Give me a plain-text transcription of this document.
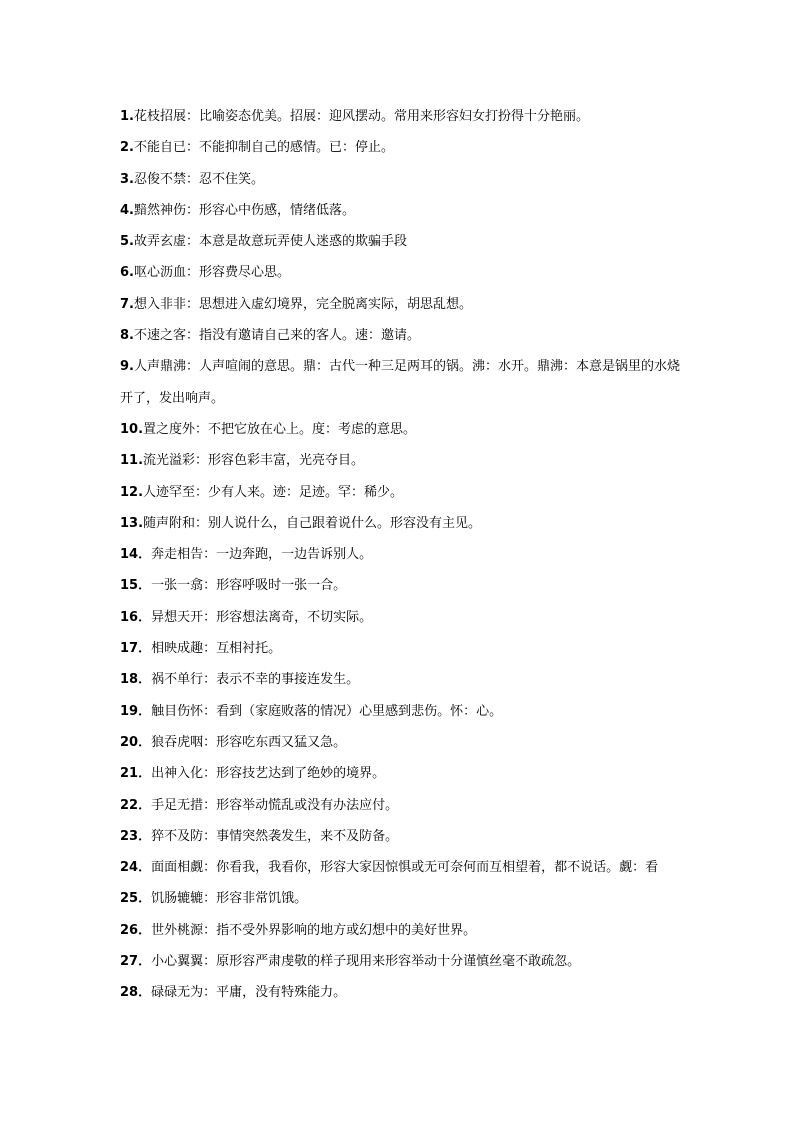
1.花枝招展：比喻姿态优美。招展：迎风摆动。常用来形容妇女打扮得十分艳丽。
2.不能自已：不能抑制自己的感情。已：停止。
3.忍俊不禁：忍不住笑。
4.黯然神伤：形容心中伤感，情绪低落。
5.故弄玄虚：本意是故意玩弄使人迷惑的欺骗手段
6.呕心沥血：形容费尽心思。
7.想入非非：思想进入虚幻境界，完全脱离实际，胡思乱想。
8.不速之客：指没有邀请自己来的客人。速：邀请。
9.人声鼎沸：人声喧闹的意思。鼎：古代一种三足两耳的锅。沸：水开。鼎沸：本意是锅里的水烧开了，发出响声。
10.置之度外：不把它放在心上。度：考虑的意思。
11.流光溢彩：形容色彩丰富，光亮夺目。
12.人迹罕至：少有人来。迹：足迹。罕：稀少。
13.随声附和：别人说什么，自己跟着说什么。形容没有主见。
14．奔走相告：一边奔跑，一边告诉别人。
15．一张一翕：形容呼吸时一张一合。
16．异想天开：形容想法离奇，不切实际。
17．相映成趣：互相衬托。
18．祸不单行：表示不幸的事接连发生。
19．触目伤怀：看到（家庭败落的情况）心里感到悲伤。怀：心。
20．狼吞虎咽：形容吃东西又猛又急。
21．出神入化：形容技艺达到了绝妙的境界。
22．手足无措：形容举动慌乱或没有办法应付。
23．猝不及防：事情突然袭发生，来不及防备。
24．面面相觑：你看我，我看你，形容大家因惊惧或无可奈何而互相望着，都不说话。觑：看
25．饥肠辘辘：形容非常饥饿。
26．世外桃源：指不受外界影响的地方或幻想中的美好世界。
27．小心翼翼：原形容严肃虔敬的样子现用来形容举动十分谨慎丝毫不敢疏忽。
28．碌碌无为：平庸，没有特殊能力。
